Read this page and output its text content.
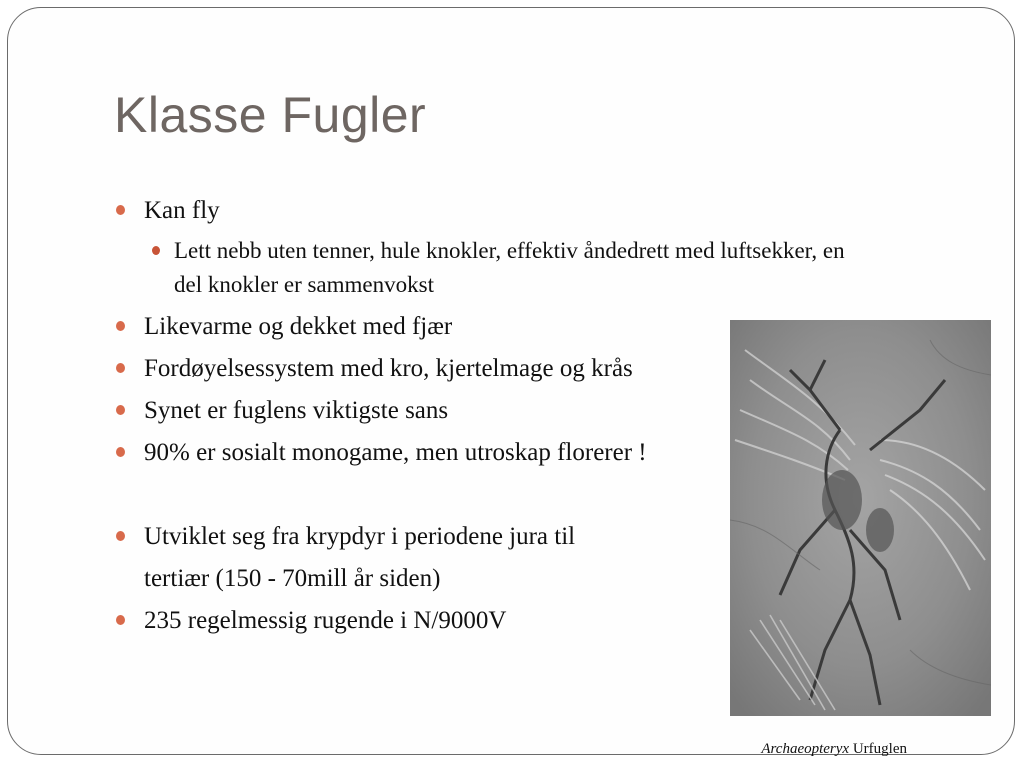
Klasse Fugler
Kan fly
Lett nebb uten tenner, hule knokler, effektiv åndedrett med luftsekker, en del knokler er sammenvokst
Likevarme og dekket med fjær
Fordøyelsessystem med kro, kjertelmage og krås
Synet er fuglens viktigste sans
90% er sosialt monogame, men utroskap florerer !
Utviklet seg fra krypdyr i periodene jura til
tertiær (150 - 70mill år siden)
235 regelmessig rugende i N/9000V
Archaeopteryx Urfuglen
